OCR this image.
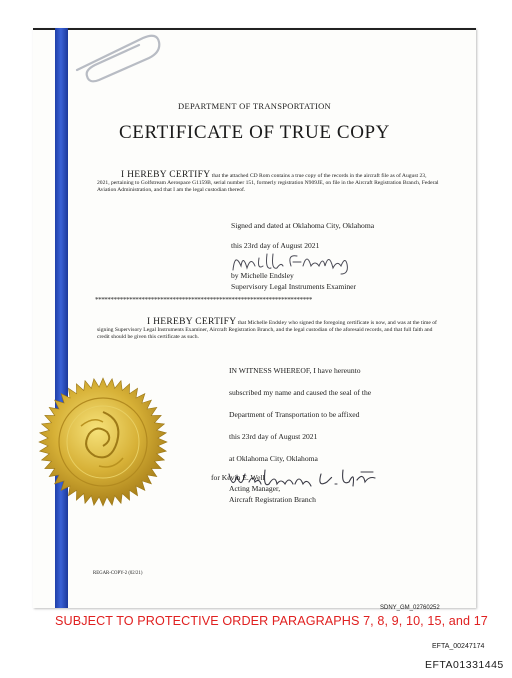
DEPARTMENT OF TRANSPORTATION
CERTIFICATE OF TRUE COPY
I HEREBY CERTIFY that the attached CD Rom contains a true copy of the records in the aircraft file as of August 23, 2021, pertaining to Golfstream Aerospace G1159B, serial number 151, formerly registration N909JE, on file in the Aircraft Registration Branch, Federal Aviation Administration, and that I am the legal custodian thereof.
Signed and dated at Oklahoma City, Oklahoma
this 23rd day of August 2021
by Michelle Endsley
Supervisory Legal Instruments Examiner
**********************************************************************
I HEREBY CERTIFY that Michelle Endsley who signed the foregoing certificate is now, and was at the time of signing Supervisory Legal Instruments Examiner, Aircraft Registration Branch, and the legal custodian of the aforesaid records, and that full faith and credit should be given this certificate as such.
IN WITNESS WHEREOF, I have hereunto
subscribed my name and caused the seal of the
Department of Transportation to be affixed
this 23rd day of August 2021
at Oklahoma City, Oklahoma
for Kevin E. Well
Acting Manager,
Aircraft Registration Branch
REGAR-COPY-2 (02/21)
SDNY_GM_02760252
SUBJECT TO PROTECTIVE ORDER PARAGRAPHS 7, 8, 9, 10, 15, and 17
EFTA_00247174
EFTA01331445
